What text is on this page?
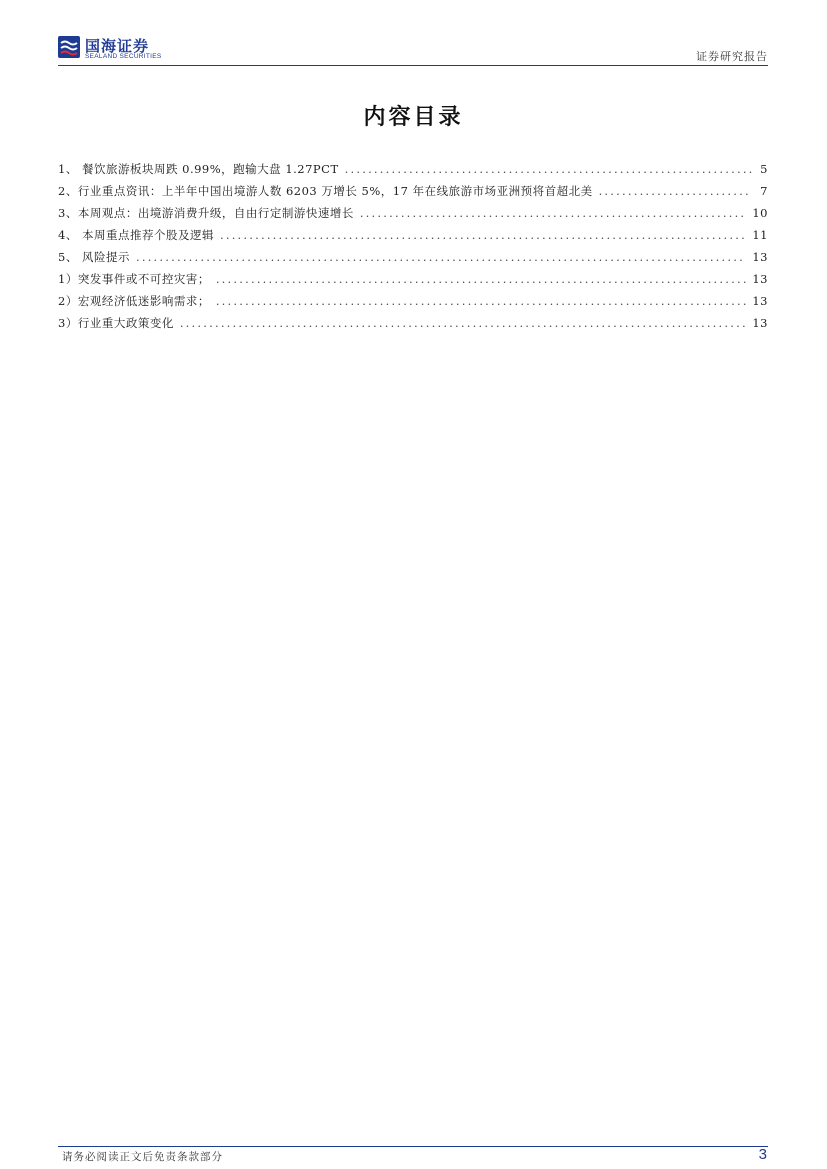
国海证券
SEALAND SECURITIES	证券研究报告
内容目录
1、 餐饮旅游板块周跌 0.99%，跑输大盘 1.27PCT .....	5
2、行业重点资讯：上半年中国出境游人数 6203 万增长 5%，17 年在线旅游市场亚洲预将首超北美 .....	7
3、本周观点：出境游消费升级，自由行定制游快速增长 .....	10
4、 本周重点推荐个股及逻辑 .....	11
5、 风险提示 .....	13
1）突发事件或不可控灾害； .....	13
2）宏观经济低迷影响需求； .....	13
3）行业重大政策变化 .....	13
请务必阅读正文后免责条款部分	3
